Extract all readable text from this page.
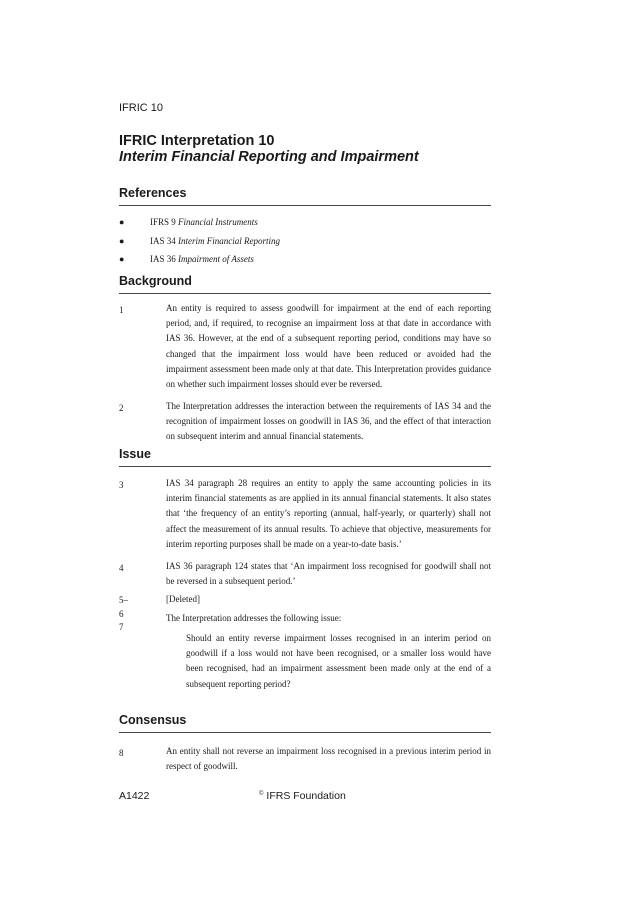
IFRIC 10
IFRIC Interpretation 10
Interim Financial Reporting and Impairment
References
●	IFRS 9 Financial Instruments
●	IAS 34 Interim Financial Reporting
●	IAS 36 Impairment of Assets
Background
1	An entity is required to assess goodwill for impairment at the end of each reporting period, and, if required, to recognise an impairment loss at that date in accordance with IAS 36. However, at the end of a subsequent reporting period, conditions may have so changed that the impairment loss would have been reduced or avoided had the impairment assessment been made only at that date. This Interpretation provides guidance on whether such impairment losses should ever be reversed.
2	The Interpretation addresses the interaction between the requirements of IAS 34 and the recognition of impairment losses on goodwill in IAS 36, and the effect of that interaction on subsequent interim and annual financial statements.
Issue
3	IAS 34 paragraph 28 requires an entity to apply the same accounting policies in its interim financial statements as are applied in its annual financial statements. It also states that ‘the frequency of an entity’s reporting (annual, half-yearly, or quarterly) shall not affect the measurement of its annual results. To achieve that objective, measurements for interim reporting purposes shall be made on a year-to-date basis.’
4	IAS 36 paragraph 124 states that ‘An impairment loss recognised for goodwill shall not be reversed in a subsequent period.’
5–
6
[Deleted]
7
The Interpretation addresses the following issue:
Should an entity reverse impairment losses recognised in an interim period on goodwill if a loss would not have been recognised, or a smaller loss would have been recognised, had an impairment assessment been made only at the end of a subsequent reporting period?
Consensus
8	An entity shall not reverse an impairment loss recognised in a previous interim period in respect of goodwill.
A1422	© IFRS Foundation
